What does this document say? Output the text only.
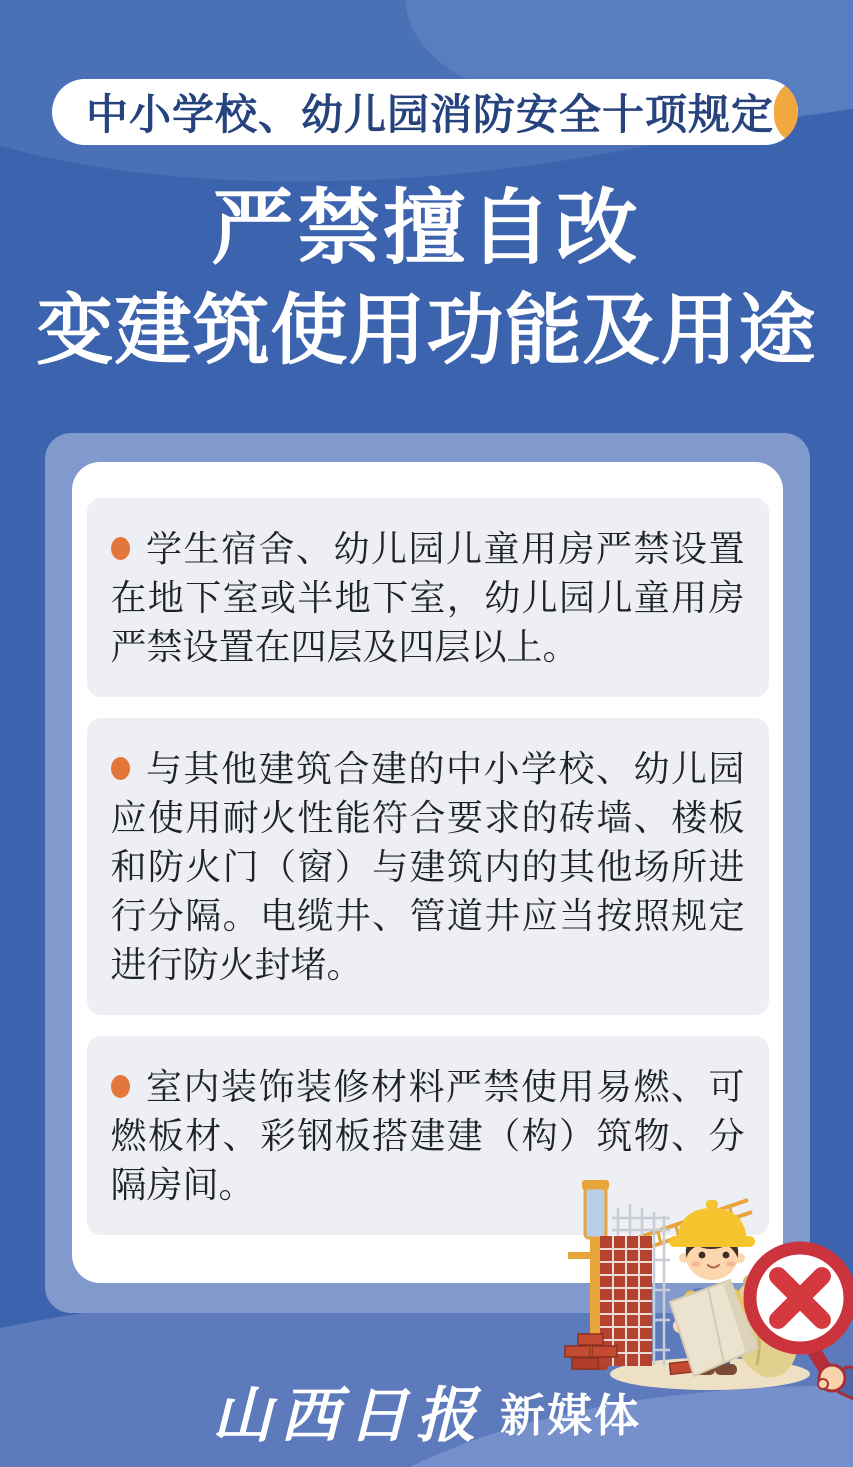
中小学校、幼儿园消防安全十项规定
严禁擅自改
变建筑使用功能及用途
学生宿舍、幼儿园儿童用房严禁设置在地下室或半地下室，幼儿园儿童用房严禁设置在四层及四层以上。
与其他建筑合建的中小学校、幼儿园应使用耐火性能符合要求的砖墙、楼板和防火门（窗）与建筑内的其他场所进行分隔。电缆井、管道井应当按照规定进行防火封堵。
室内装饰装修材料严禁使用易燃、可燃板材、彩钢板搭建建（构）筑物、分隔房间。
山西日报 新媒体
